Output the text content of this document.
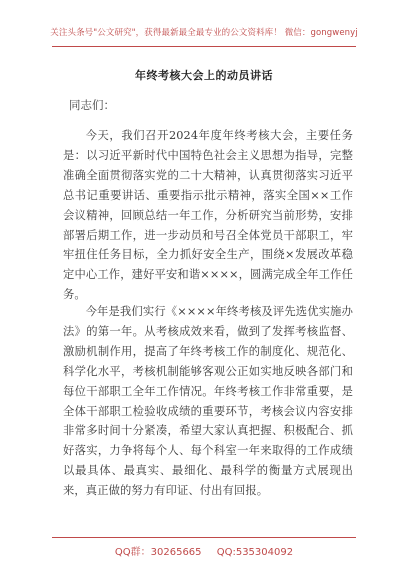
关注头条号"公文研究"，获得最新最全最专业的公文资料库！ 微信：gongwenyj
年终考核大会上的动员讲话
同志们：
今天，我们召开2024年度年终考核大会，主要任务是：以习近平新时代中国特色社会主义思想为指导，完整准确全面贯彻落实党的二十大精神，认真贯彻落实习近平总书记重要讲话、重要指示批示精神，落实全国××工作会议精神，回顾总结一年工作，分析研究当前形势，安排部署后期工作，进一步动员和号召全体党员干部职工，牢牢扭住任务目标，全力抓好安全生产，围绕×发展改革稳定中心工作，建好平安和谐××××，圆满完成全年工作任务。
今年是我们实行《××××年终考核及评先选优实施办法》的第一年。从考核成效来看，做到了发挥考核监督、激励机制作用，提高了年终考核工作的制度化、规范化、科学化水平，考核机制能够客观公正如实地反映各部门和每位干部职工全年工作情况。年终考核工作非常重要，是全体干部职工检验收成绩的重要环节，考核会议内容安排非常多时间十分紧凑，希望大家认真把握、积极配合、抓好落实，力争将每个人、每个科室一年来取得的工作成绩以最具体、最真实、最细化、最科学的衡量方式展现出来，真正做的努力有印证、付出有回报。
QQ群：30265665 QQ:535304092
